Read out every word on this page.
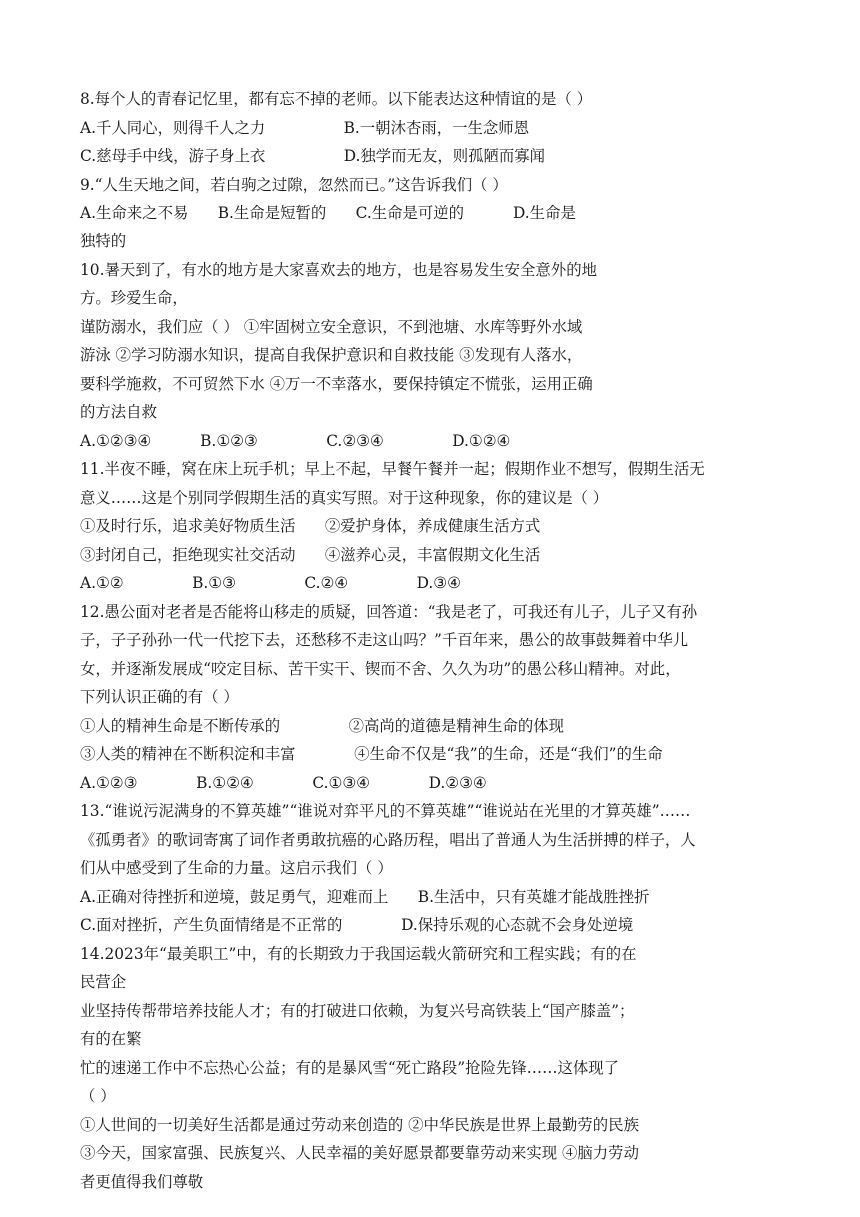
8.每个人的青春记忆里，都有忘不掉的老师。以下能表达这种情谊的是（ ）
A.千人同心，则得千人之力                B.一朝沐杏雨，一生念师恩
C.慈母手中线，游子身上衣                D.独学而无友，则孤陋而寡闻
9.“人生天地之间，若白驹之过隙，忽然而已。”这告诉我们（ ）
A.生命来之不易      B.生命是短暂的      C.生命是可逆的          D.生命是
独特的
10.暑天到了，有水的地方是大家喜欢去的地方，也是容易发生安全意外的地
方。珍爱生命，
谨防溺水，我们应（ ） ①牢固树立安全意识，不到池塘、水库等野外水域
游泳 ②学习防溺水知识，提高自我保护意识和自救技能 ③发现有人落水，
要科学施救，不可贸然下水 ④万一不幸落水，要保持镇定不慌张，运用正确
的方法自救
A.①②③④          B.①②③              C.②③④              D.①②④
11.半夜不睡，窝在床上玩手机；早上不起，早餐午餐并一起；假期作业不想写，假期生活无
意义……这是个别同学假期生活的真实写照。对于这种现象，你的建议是（ ）
①及时行乐，追求美好物质生活      ②爱护身体，养成健康生活方式
③封闭自己，拒绝现实社交活动      ④滋养心灵，丰富假期文化生活
A.①②              B.①③              C.②④              D.③④
12.愚公面对老者是否能将山移走的质疑，回答道：“我是老了，可我还有儿子，儿子又有孙
子，子子孙孙一代一代挖下去，还愁移不走这山吗？”千百年来，愚公的故事鼓舞着中华儿
女，并逐渐发展成“咬定目标、苦干实干、锲而不舍、久久为功”的愚公移山精神。对此，
下列认识正确的有（ ）
①人的精神生命是不断传承的              ②高尚的道德是精神生命的体现
③人类的精神在不断积淀和丰富            ④生命不仅是“我”的生命，还是“我们”的生命
A.①②③            B.①②④            C.①③④            D.②③④
13.“谁说污泥满身的不算英雄”“谁说对弈平凡的不算英雄”“谁说站在光里的才算英雄”……
《孤勇者》的歌词寄寓了词作者勇敢抗癌的心路历程，唱出了普通人为生活拼搏的样子，人
们从中感受到了生命的力量。这启示我们（ ）
A.正确对待挫折和逆境，鼓足勇气，迎难而上      B.生活中，只有英雄才能战胜挫折
C.面对挫折，产生负面情绪是不正常的            D.保持乐观的心态就不会身处逆境
14.2023年“最美职工”中，有的长期致力于我国运载火箭研究和工程实践；有的在
民营企
业坚持传帮带培养技能人才；有的打破进口依赖，为复兴号高铁装上“国产膝盖”；
有的在繁
忙的速递工作中不忘热心公益；有的是暴风雪“死亡路段”抢险先锋……这体现了
（ ）
①人世间的一切美好生活都是通过劳动来创造的 ②中华民族是世界上最勤劳的民族
③今天，国家富强、民族复兴、人民幸福的美好愿景都要靠劳动来实现 ④脑力劳动
者更值得我们尊敬
